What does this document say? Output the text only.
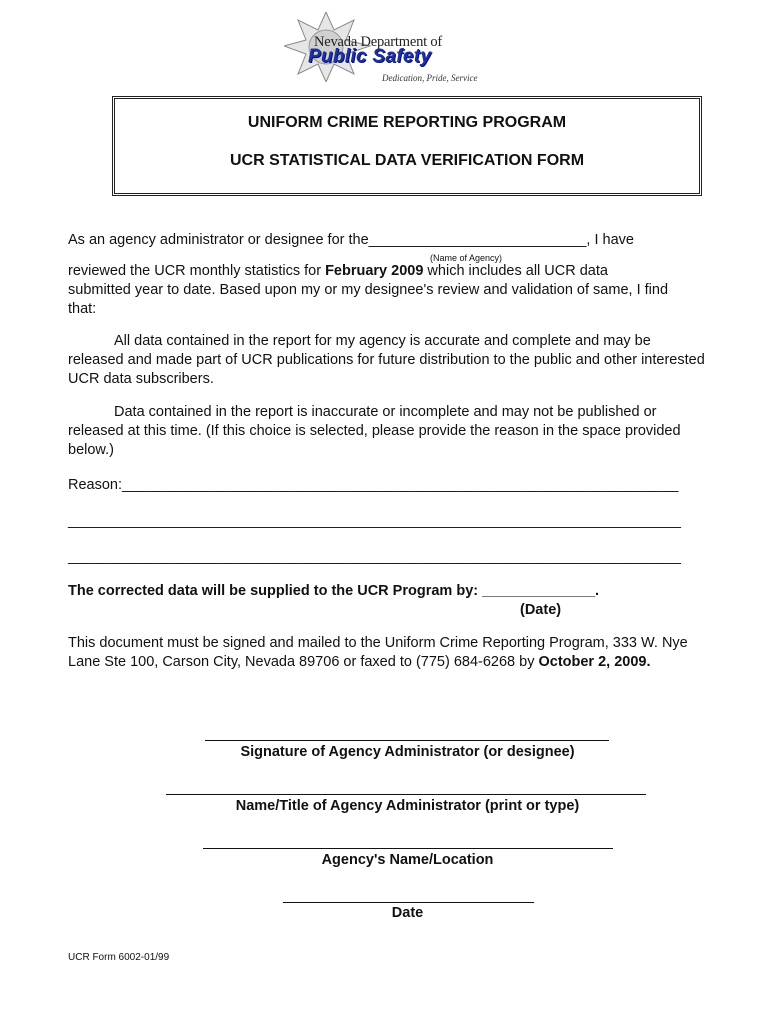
Nevada Department of
Public Safety
Dedication, Pride, Service
UNIFORM CRIME REPORTING PROGRAM
UCR STATISTICAL DATA VERIFICATION FORM
As an agency administrator or designee for the___________________________, I have
(Name of Agency)
reviewed the UCR monthly statistics for February 2009 which includes all UCR data
submitted year to date. Based upon my or my designee's review and validation of same, I find
that:
All data contained in the report for my agency is accurate and complete and may be released and made part of UCR publications for future distribution to the public and other interested UCR data subscribers.
Data contained in the report is inaccurate or incomplete and may not be published or released at this time. (If this choice is selected, please provide the reason in the space provided below.)
Reason:_____________________________________________________________________
____________________________________________________________________________
____________________________________________________________________________
The corrected data will be supplied to the UCR Program by: ______________.
(Date)
This document must be signed and mailed to the Uniform Crime Reporting Program, 333 W. Nye Lane Ste 100, Carson City, Nevada 89706 or faxed to (775) 684-6268 by October 2, 2009.
Signature of Agency Administrator (or designee)
Name/Title of Agency Administrator (print or type)
Agency's Name/Location
Date
UCR Form 6002-01/99
